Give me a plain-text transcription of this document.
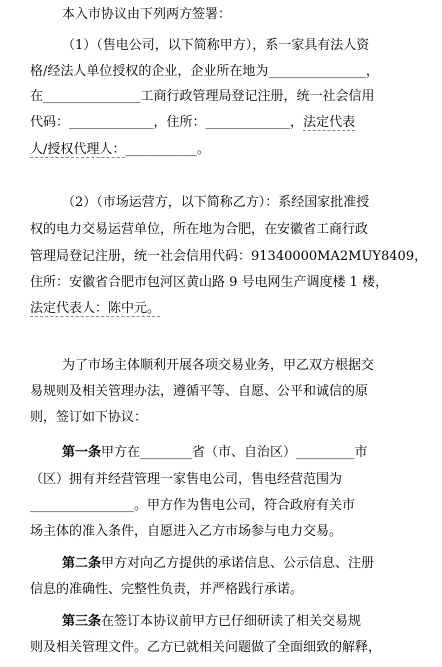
本入市协议由下列两方签署：
（1）（售电公司，以下简称甲方），系一家具有法人资
格/经法人单位授权的企业，企业所在地为_______________，
在_______________工商行政管理局登记注册，统一社会信用
代码：_____________，住所：_____________，法定代表
人/授权代理人：___________。
（2）（市场运营方，以下简称乙方）：系经国家批准授
权的电力交易运营单位，所在地为合肥，在安徽省工商行政
管理局登记注册，统一社会信用代码：91340000MA2MUY8409，
住所：安徽省合肥市包河区黄山路 9 号电网生产调度楼 1 楼，
法定代表人：陈中元。
为了市场主体顺利开展各项交易业务，甲乙双方根据交
易规则及相关管理办法，遵循平等、自愿、公平和诚信的原
则，签订如下协议：
第一条甲方在________省（市、自治区）_________市
（区）拥有并经营管理一家售电公司，售电经营范围为
________________。甲方作为售电公司，符合政府有关市
场主体的准入条件，自愿进入乙方市场参与电力交易。
第二条甲方对向乙方提供的承诺信息、公示信息、注册
信息的准确性、完整性负责，并严格践行承诺。
第三条在签订本协议前甲方已仔细研读了相关交易规
则及相关管理文件。乙方已就相关问题做了全面细致的解释，
